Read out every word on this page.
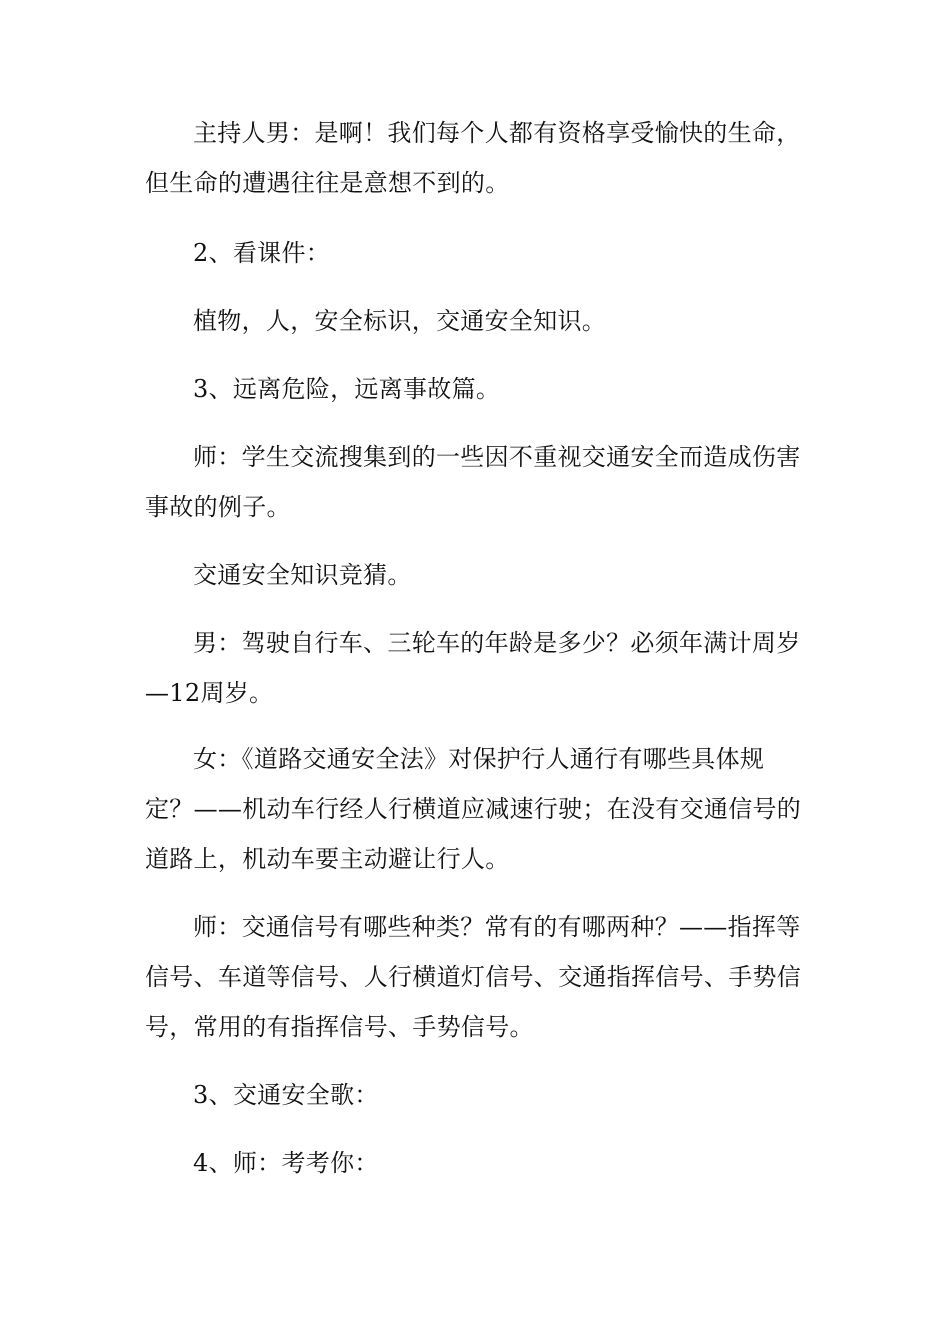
主持人男：是啊！我们每个人都有资格享受愉快的生命，但生命的遭遇往往是意想不到的。

2、看课件：

植物，人，安全标识，交通安全知识。

3、远离危险，远离事故篇。

师：学生交流搜集到的一些因不重视交通安全而造成伤害事故的例子。

交通安全知识竞猜。

男：驾驶自行车、三轮车的年龄是多少？必须年满计周岁—12周岁。

女：《道路交通安全法》对保护行人通行有哪些具体规定？——机动车行经人行横道应减速行驶；在没有交通信号的道路上，机动车要主动避让行人。

师：交通信号有哪些种类？常有的有哪两种？——指挥等信号、车道等信号、人行横道灯信号、交通指挥信号、手势信号，常用的有指挥信号、手势信号。

3、交通安全歌：

4、师：考考你：
